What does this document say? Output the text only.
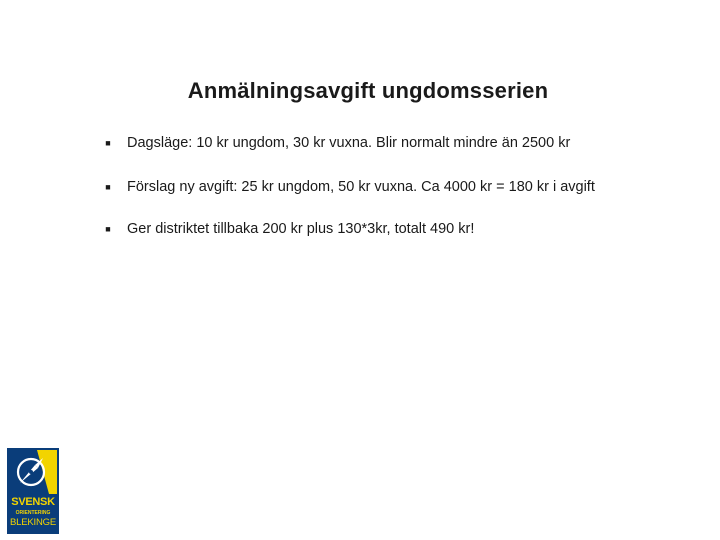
Anmälningsavgift ungdomsserien
■ Dagsläge: 10 kr ungdom, 30 kr vuxna. Blir normalt mindre än 2500 kr
■ Förslag ny avgift: 25 kr ungdom, 50 kr vuxna. Ca 4000 kr = 180 kr i avgift
■ Ger distriktet tillbaka 200 kr plus 130*3kr, totalt 490 kr!
SVENSK
ORIENTERING
BLEKINGE
